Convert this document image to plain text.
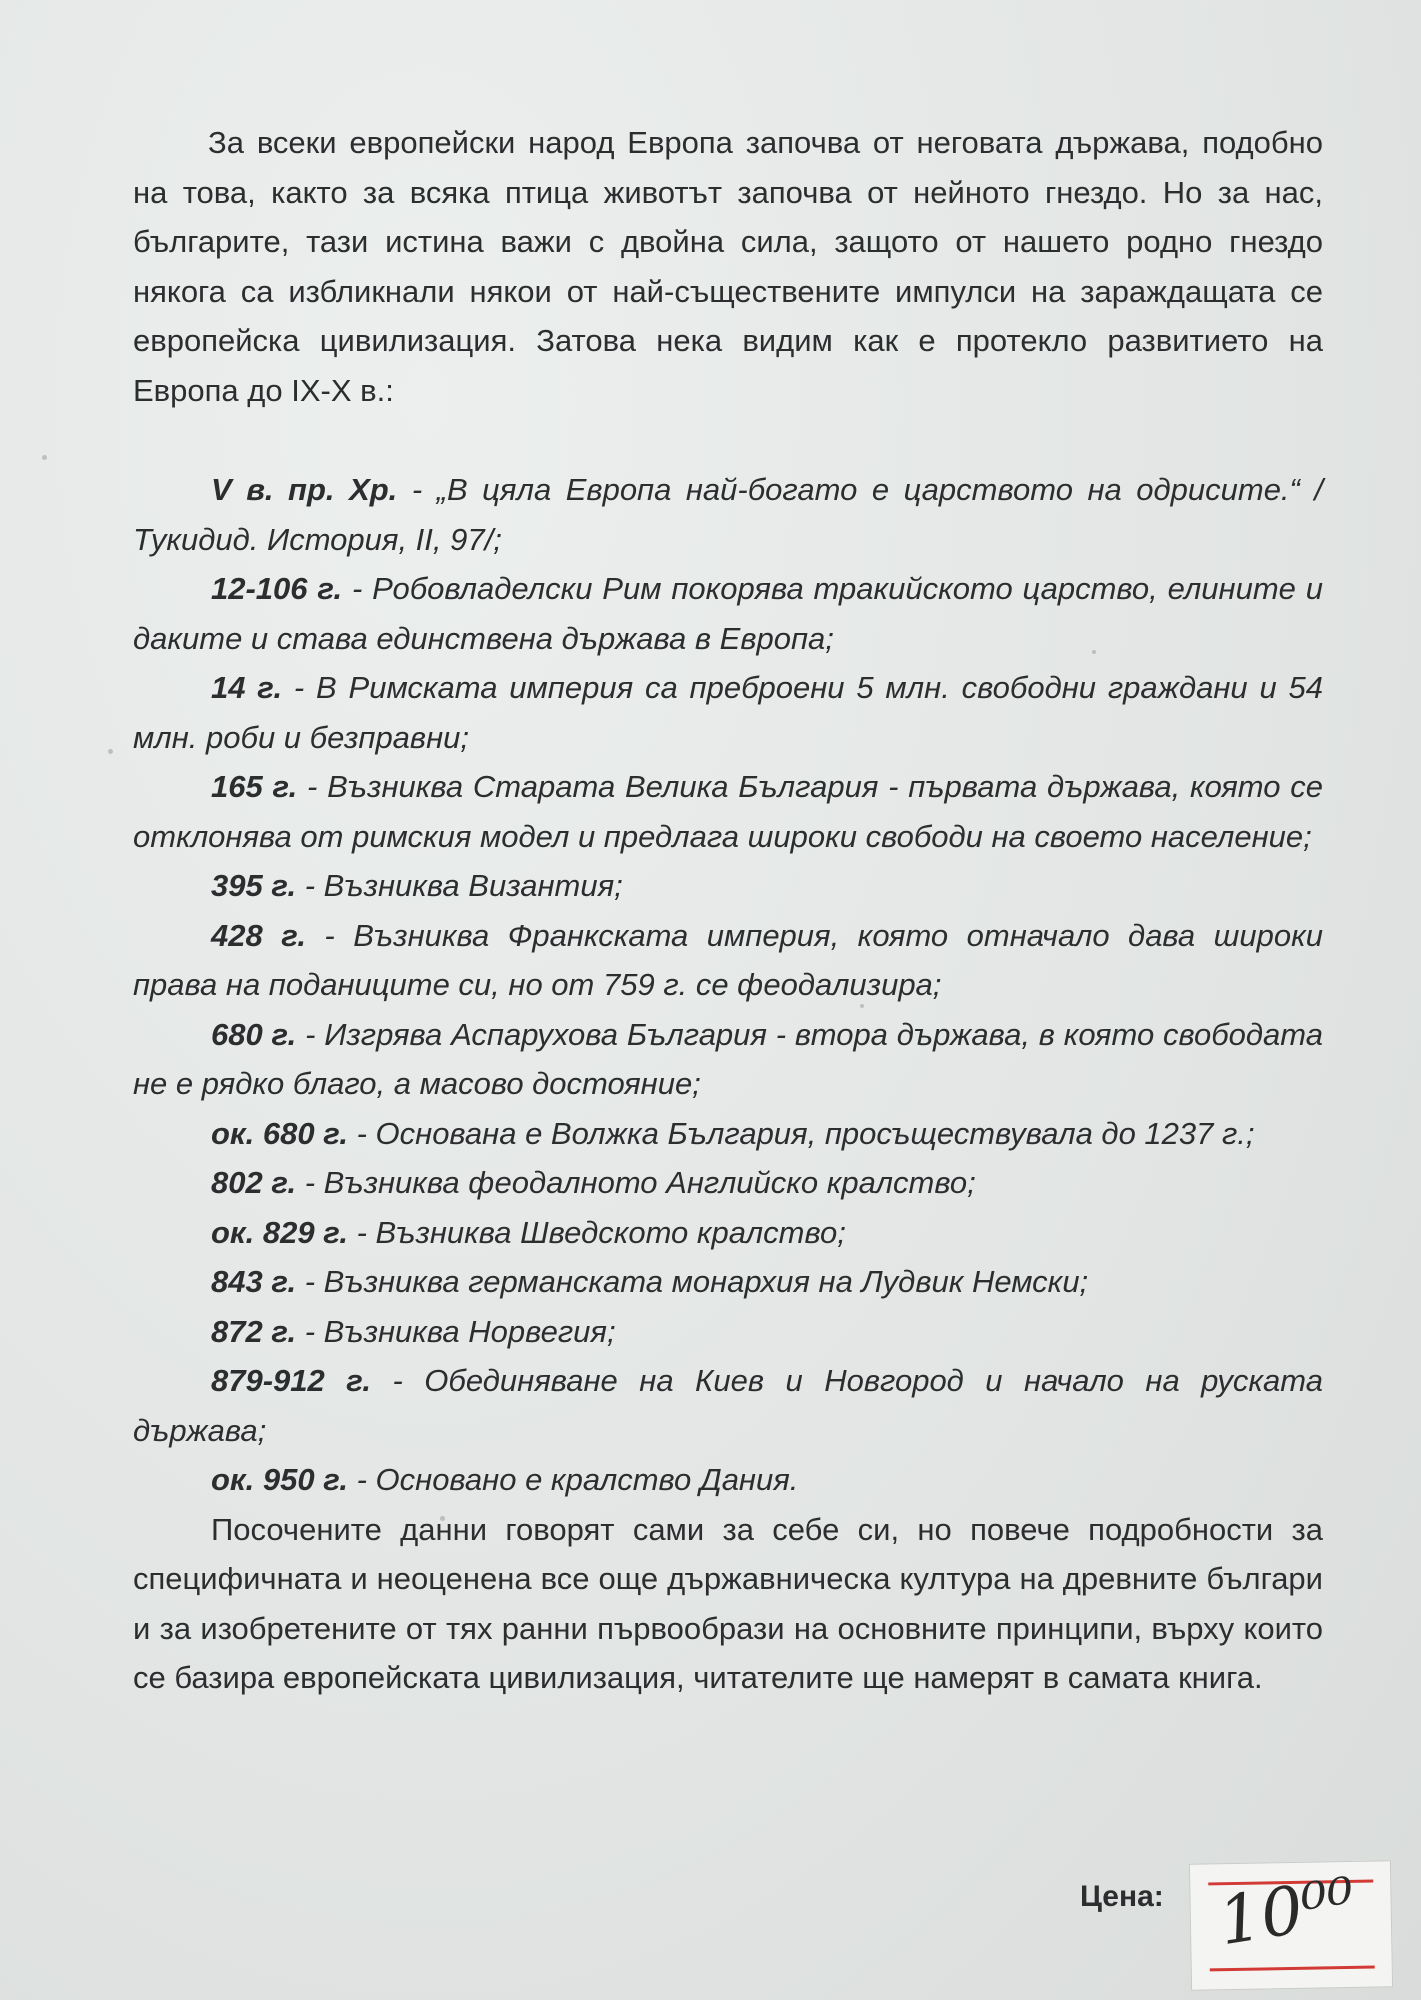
За всеки европейски народ Европа започва от неговата държава, подобно на това, както за всяка птица животът започва от нейното гнездо. Но за нас, българите, тази истина важи с двойна сила, защото от нашето родно гнездо някога са избликнали някои от най-съществените импулси на зараждащата се европейска цивилизация. Затова нека видим как е протекло развитието на Европа до IX-X в.:

V в. пр. Хр. - „В цяла Европа най-богато е царството на одрисите.“ /Тукидид. История, II, 97/;

12-106 г. - Робовладелски Рим покорява тракийското царство, елините и даките и става единствена държава в Европа;

14 г. - В Римската империя са преброени 5 млн. свободни граждани и 54 млн. роби и безправни;

165 г. - Възниква Старата Велика България - първата държава, която се отклонява от римския модел и предлага широки свободи на своето население;

395 г. - Възниква Византия;

428 г. - Възниква Франкската империя, която отначало дава широки права на поданиците си, но от 759 г. се феодализира;

680 г. - Изгрява Аспарухова България - втора държава, в която свободата не е рядко благо, а масово достояние;

ок. 680 г. - Основана е Волжка България, просъществувала до 1237 г.;

802 г. - Възниква феодалното Английско кралство;

ок. 829 г. - Възниква Шведското кралство;

843 г. - Възниква германската монархия на Лудвик Немски;

872 г. - Възниква Норвегия;

879-912 г. - Обединяване на Киев и Новгород и начало на руската държава;

ок. 950 г. - Основано е кралство Дания.

Посочените данни говорят сами за себе си, но повече подробности за специфичната и неоценена все още държавническа култура на древните българи и за изобретените от тях ранни първообрази на основните принципи, върху които се базира европейската цивилизация, читателите ще намерят в самата книга.

Цена: 10⁰⁰
